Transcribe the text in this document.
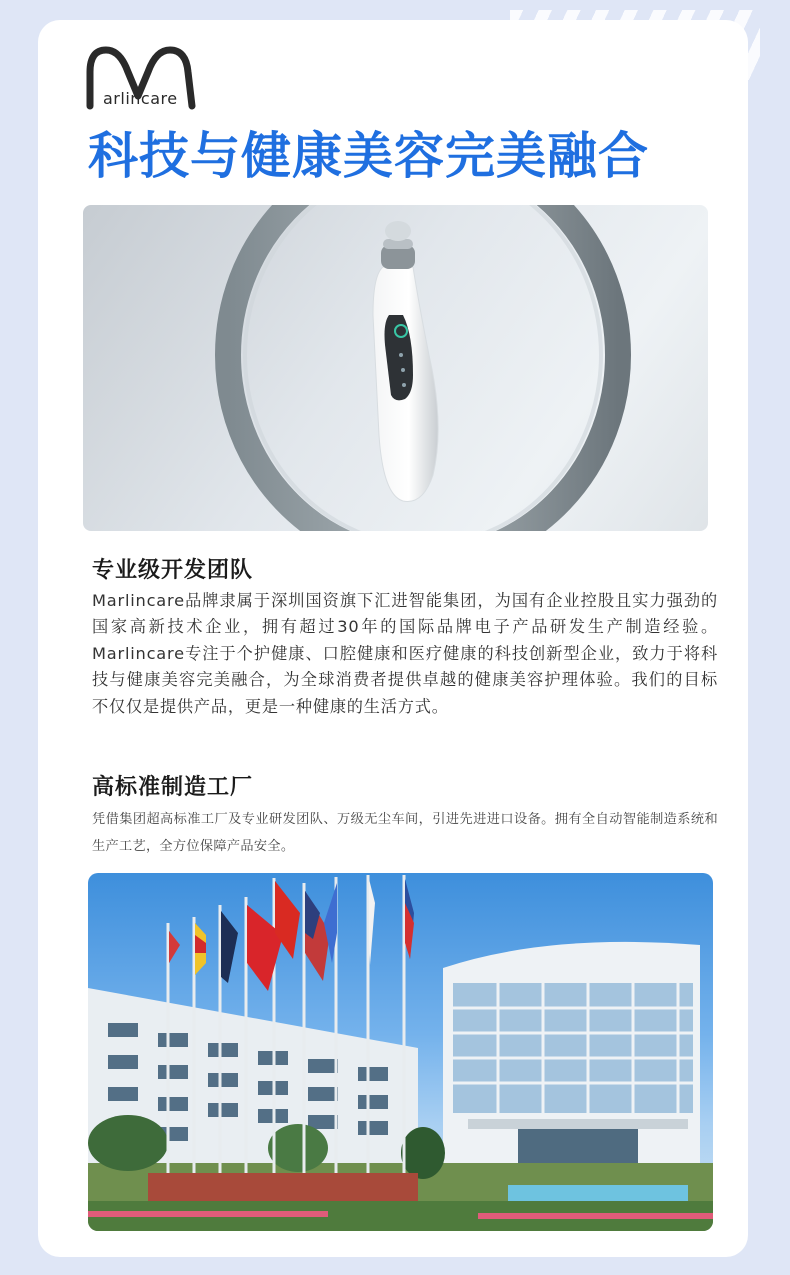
arlincare
科技与健康美容完美融合
专业级开发团队

Marlincare品牌隶属于深圳国资旗下汇进智能集团，为国有企业控股且实力强劲的国家高新技术企业，拥有超过30年的国际品牌电子产品研发生产制造经验。Marlincare专注于个护健康、口腔健康和医疗健康的科技创新型企业，致力于将科技与健康美容完美融合，为全球消费者提供卓越的健康美容护理体验。我们的目标不仅仅是提供产品，更是一种健康的生活方式。

高标准制造工厂

凭借集团超高标准工厂及专业研发团队、万级无尘车间，引进先进进口设备。拥有全自动智能制造系统和生产工艺，全方位保障产品安全。
